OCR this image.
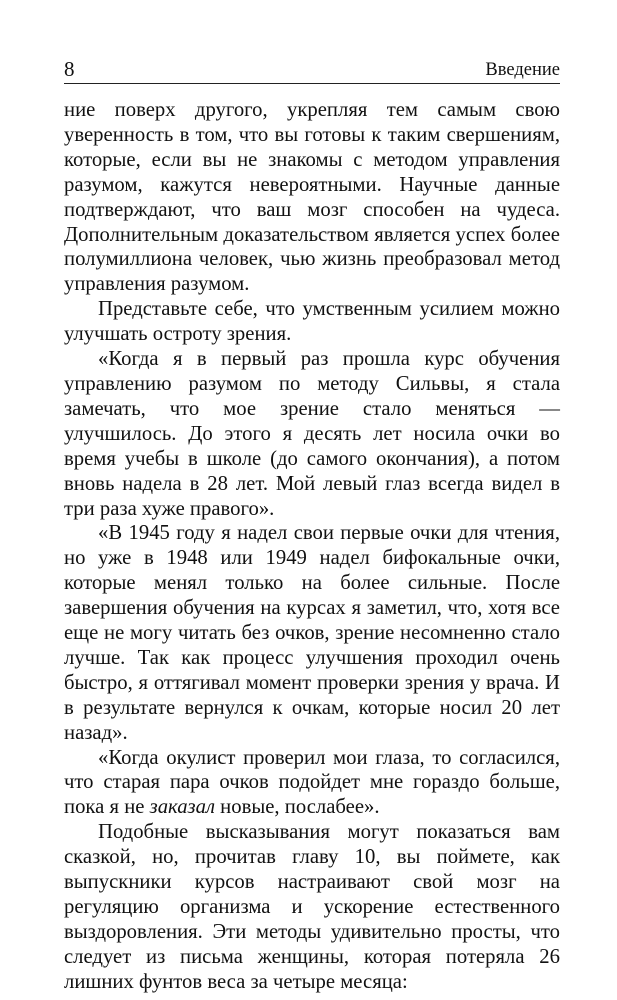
8	Введение

ние поверх другого, укрепляя тем самым свою уверенность в том, что вы готовы к таким свершениям, которые, если вы не знакомы с методом управления разумом, кажутся невероятными. Научные данные подтверждают, что ваш мозг способен на чудеса. Дополнительным доказательством является успех более полумиллиона человек, чью жизнь преобразовал метод управления разумом.

Представьте себе, что умственным усилием можно улучшать остроту зрения.

«Когда я в первый раз прошла курс обучения управлению разумом по методу Сильвы, я стала замечать, что мое зрение стало меняться — улучшилось. До этого я десять лет носила очки во время учебы в школе (до самого окончания), а потом вновь надела в 28 лет. Мой левый глаз всегда видел в три раза хуже правого».

«В 1945 году я надел свои первые очки для чтения, но уже в 1948 или 1949 надел бифокальные очки, которые менял только на более сильные. После завершения обучения на курсах я заметил, что, хотя все еще не могу читать без очков, зрение несомненно стало лучше. Так как процесс улучшения проходил очень быстро, я оттягивал момент проверки зрения у врача. И в результате вернулся к очкам, которые носил 20 лет назад».

«Когда окулист проверил мои глаза, то согласился, что старая пара очков подойдет мне гораздо больше, пока я не заказал новые, послабее».

Подобные высказывания могут показаться вам сказкой, но, прочитав главу 10, вы поймете, как выпускники курсов настраивают свой мозг на регуляцию организма и ускорение естественного выздоровления. Эти методы удивительно просты, что следует из письма женщины, которая потеряла 26 лишних фунтов веса за четыре месяца:
